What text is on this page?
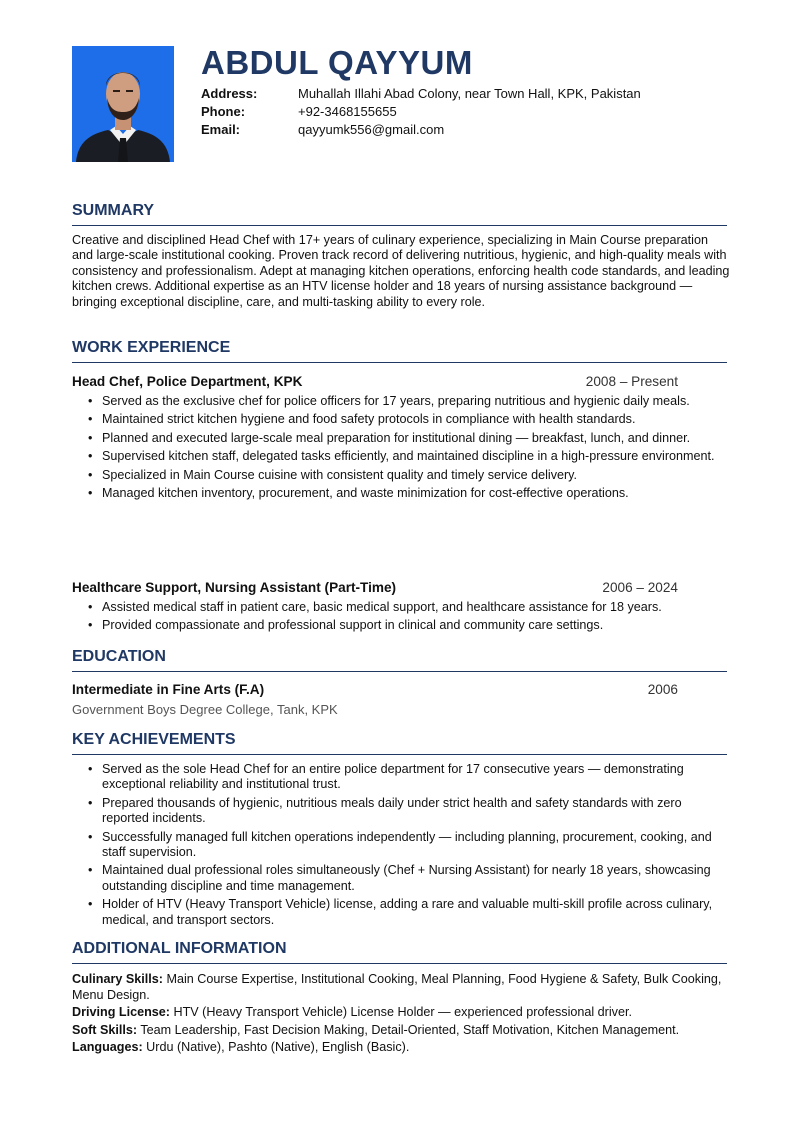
ABDUL QAYYUM
Address:	Muhallah Illahi Abad Colony, near Town Hall, KPK, Pakistan
Phone:	+92-3468155655
Email:	qayyumk556@gmail.com
SUMMARY
Creative and disciplined Head Chef with 17+ years of culinary experience, specializing in Main Course preparation and large-scale institutional cooking. Proven track record of delivering nutritious, hygienic, and high-quality meals with consistency and professionalism. Adept at managing kitchen operations, enforcing health code standards, and leading kitchen crews. Additional expertise as an HTV license holder and 18 years of nursing assistance background — bringing exceptional discipline, care, and multi-tasking ability to every role.
WORK EXPERIENCE
Head Chef, Police Department, KPK	2008 – Present
• Served as the exclusive chef for police officers for 17 years, preparing nutritious and hygienic daily meals.
• Maintained strict kitchen hygiene and food safety protocols in compliance with health standards.
• Planned and executed large-scale meal preparation for institutional dining — breakfast, lunch, and dinner.
• Supervised kitchen staff, delegated tasks efficiently, and maintained discipline in a high-pressure environment.
• Specialized in Main Course cuisine with consistent quality and timely service delivery.
• Managed kitchen inventory, procurement, and waste minimization for cost-effective operations.
Healthcare Support, Nursing Assistant (Part-Time)	2006 – 2024
• Assisted medical staff in patient care, basic medical support, and healthcare assistance for 18 years.
• Provided compassionate and professional support in clinical and community care settings.
EDUCATION
Intermediate in Fine Arts (F.A)	2006
Government Boys Degree College, Tank, KPK
KEY ACHIEVEMENTS
• Served as the sole Head Chef for an entire police department for 17 consecutive years — demonstrating exceptional reliability and institutional trust.
• Prepared thousands of hygienic, nutritious meals daily under strict health and safety standards with zero reported incidents.
• Successfully managed full kitchen operations independently — including planning, procurement, cooking, and staff supervision.
• Maintained dual professional roles simultaneously (Chef + Nursing Assistant) for nearly 18 years, showcasing outstanding discipline and time management.
• Holder of HTV (Heavy Transport Vehicle) license, adding a rare and valuable multi-skill profile across culinary, medical, and transport sectors.
ADDITIONAL INFORMATION
Culinary Skills: Main Course Expertise, Institutional Cooking, Meal Planning, Food Hygiene & Safety, Bulk Cooking, Menu Design.
Driving License: HTV (Heavy Transport Vehicle) License Holder — experienced professional driver.
Soft Skills: Team Leadership, Fast Decision Making, Detail-Oriented, Staff Motivation, Kitchen Management.
Languages: Urdu (Native), Pashto (Native), English (Basic).
